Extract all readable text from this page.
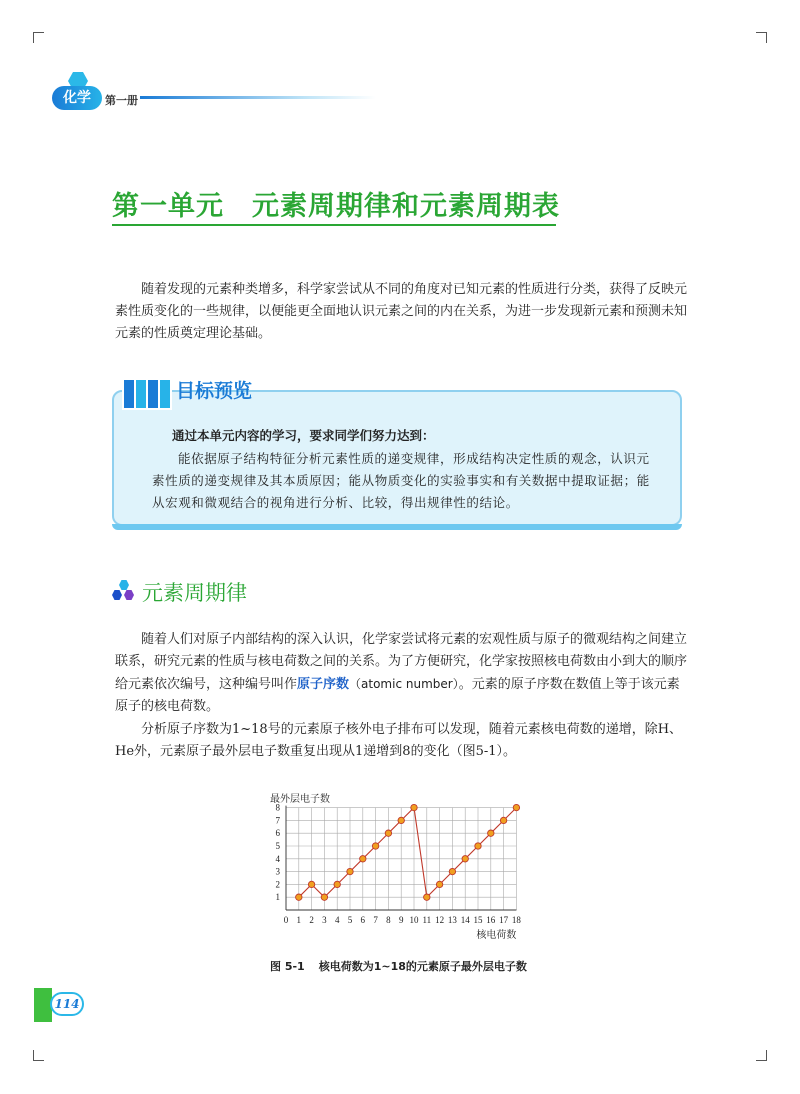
化学	第一册
第一单元　元素周期律和元素周期表

随着发现的元素种类增多，科学家尝试从不同的角度对已知元素的性质进行分类，获得了反映元素性质变化的一些规律，以便能更全面地认识元素之间的内在关系，为进一步发现新元素和预测未知元素的性质奠定理论基础。

目标预览

通过本单元内容的学习，要求同学们努力达到：

能依据原子结构特征分析元素性质的递变规律，形成结构决定性质的观念，认识元素性质的递变规律及其本质原因；能从物质变化的实验事实和有关数据中提取证据；能从宏观和微观结合的视角进行分析、比较，得出规律性的结论。

元素周期律

随着人们对原子内部结构的深入认识，化学家尝试将元素的宏观性质与原子的微观结构之间建立联系，研究元素的性质与核电荷数之间的关系。为了方便研究，化学家按照核电荷数由小到大的顺序给元素依次编号，这种编号叫作原子序数（atomic number）。元素的原子序数在数值上等于该元素原子的核电荷数。

分析原子序数为1~18号的元素原子核外电子排布可以发现，随着元素核电荷数的递增，除H、He外，元素原子最外层电子数重复出现从1递增到8的变化（图5-1）。

0 1 2 3 4 5 6 7 8 9 10 11 12 13 14 15 16 17 18
1
2
3
4
5
6
7
8
最外层电子数
核电荷数

图 5-1 核电荷数为1~18的元素原子最外层电子数

114
